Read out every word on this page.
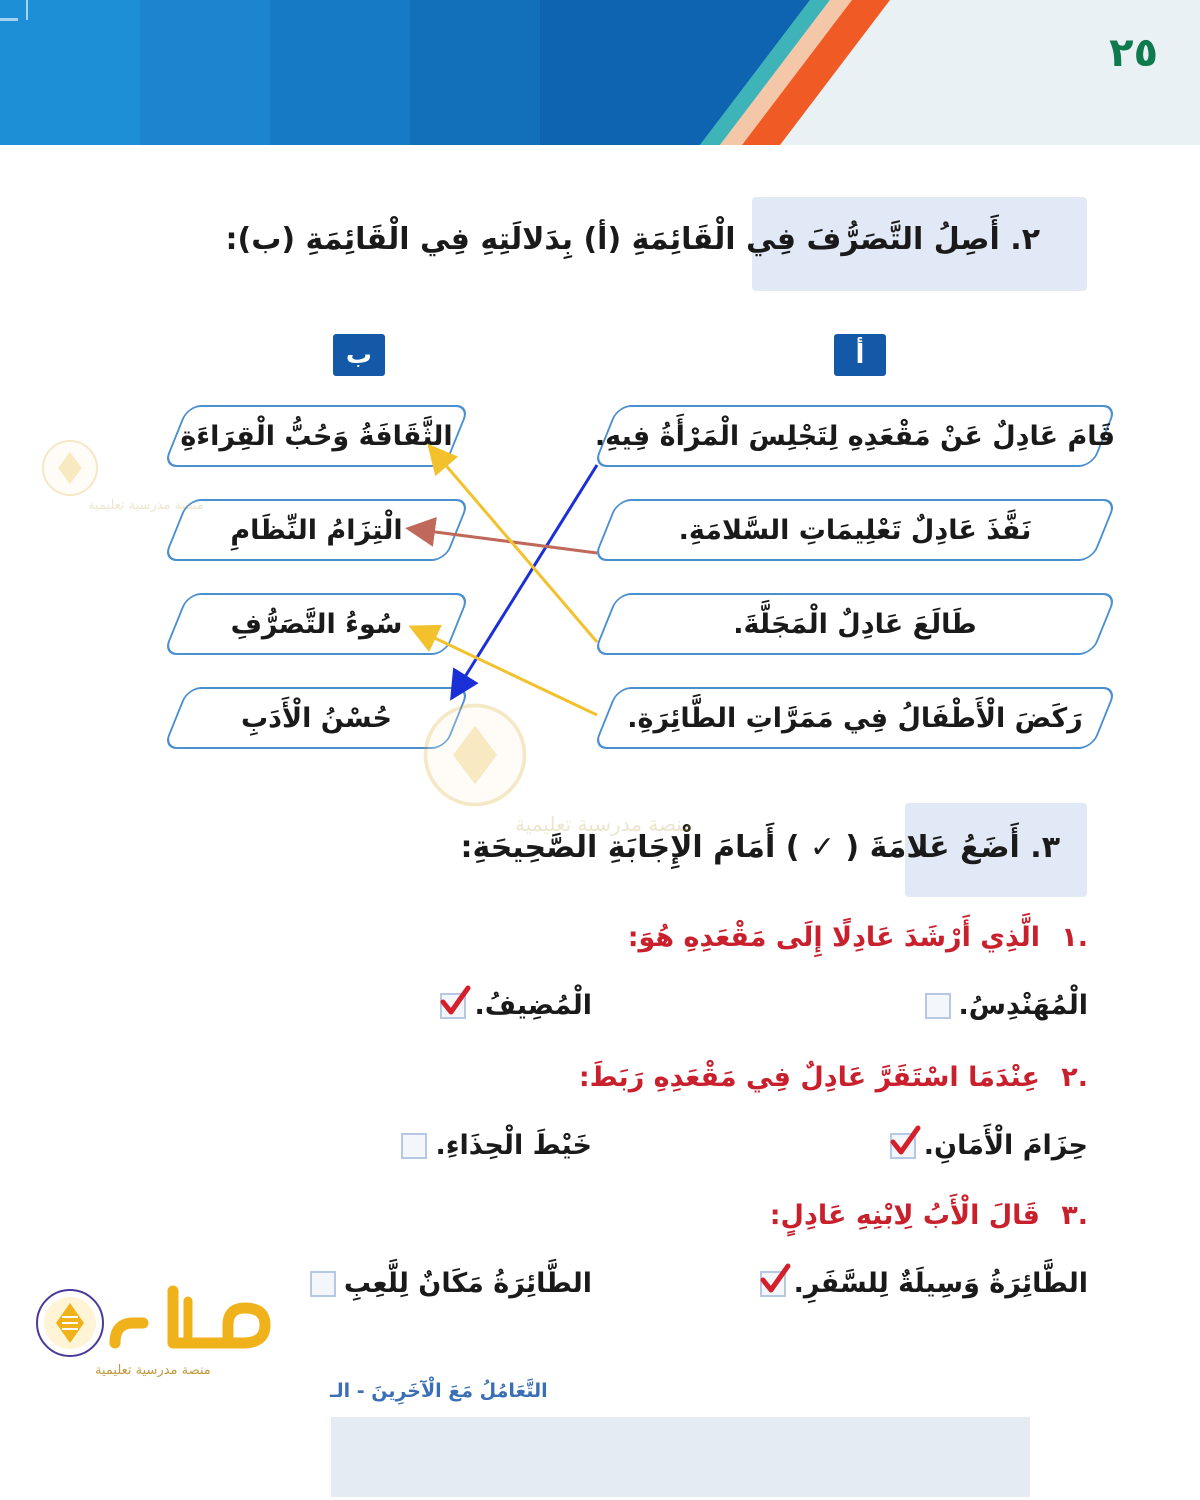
٢٥
٢. أَصِلُ التَّصَرُّفَ فِي الْقَائِمَةِ (أ) بِدَلالَتِهِ فِي الْقَائِمَةِ (ب):
ب	أ
قَامَ عَادِلٌ عَنْ مَقْعَدِهِ لِتَجْلِسَ الْمَرْأَةُ فِيهِ.
نَفَّذَ عَادِلٌ تَعْلِيمَاتِ السَّلامَةِ.
طَالَعَ عَادِلٌ الْمَجَلَّةَ.
رَكَضَ الْأَطْفَالُ فِي مَمَرَّاتِ الطَّائِرَةِ.
الثَّقَافَةُ وَحُبُّ الْقِرَاءَةِ
الْتِزَامُ النِّظَامِ
سُوءُ التَّصَرُّفِ
حُسْنُ الْأَدَبِ
٣. أَضَعُ عَلامَةَ ( ✓ ) أَمَامَ الْإِجَابَةِ الصَّحِيحَةِ:
١.
الَّذِي أَرْشَدَ عَادِلًا إِلَى مَقْعَدِهِ هُوَ:
الْمُهَنْدِسُ.
الْمُضِيفُ.
٢.
عِنْدَمَا اسْتَقَرَّ عَادِلٌ فِي مَقْعَدِهِ رَبَطَ:
حِزَامَ الْأَمَانِ.
خَيْطَ الْحِذَاءِ.
٣.
قَالَ الْأَبُ لِابْنِهِ عَادِلٍ:
الطَّائِرَةُ وَسِيلَةٌ لِلسَّفَرِ.
الطَّائِرَةُ مَكَانٌ لِلَّعِبِ
منصة مدرسية تعليمية
منصة مدرسية تعليمية
منصة مدرسية تعليمية
التَّعَامُلُ مَعَ الْآخَرِينَ - الـ
